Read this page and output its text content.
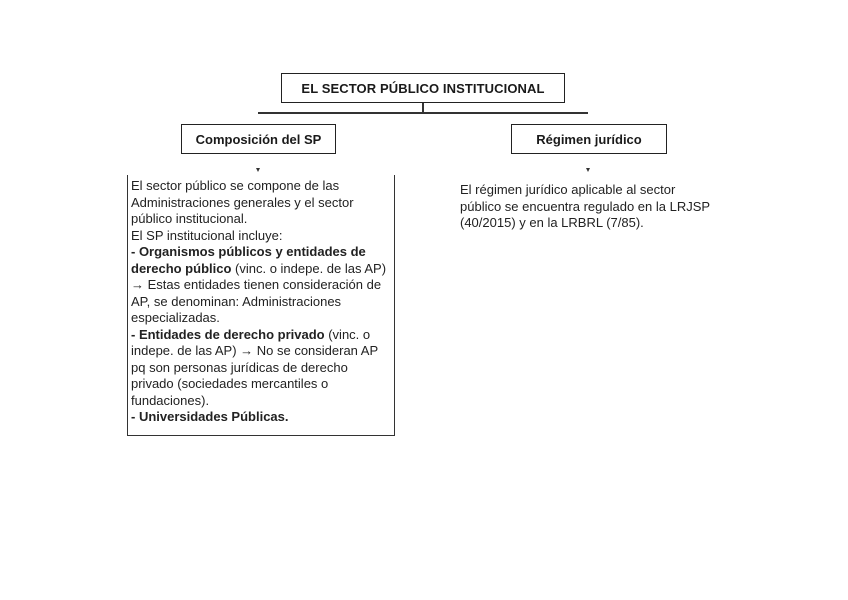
EL SECTOR PÚBLICO INSTITUCIONAL
Composición del SP	Régimen jurídico
El sector público se compone de las Administraciones generales y el sector público institucional.
El SP institucional incluye:
- Organismos públicos y entidades de derecho público (vinc. o indepe. de las AP) → Estas entidades tienen consideración de AP, se denominan: Administraciones especializadas.
- Entidades de derecho privado (vinc. o indepe. de las AP) → No se consideran AP pq son personas jurídicas de derecho privado (sociedades mercantiles o fundaciones).
- Universidades Públicas.
El régimen jurídico aplicable al sector público se encuentra regulado en la LRJSP (40/2015) y en la LRBRL (7/85).
